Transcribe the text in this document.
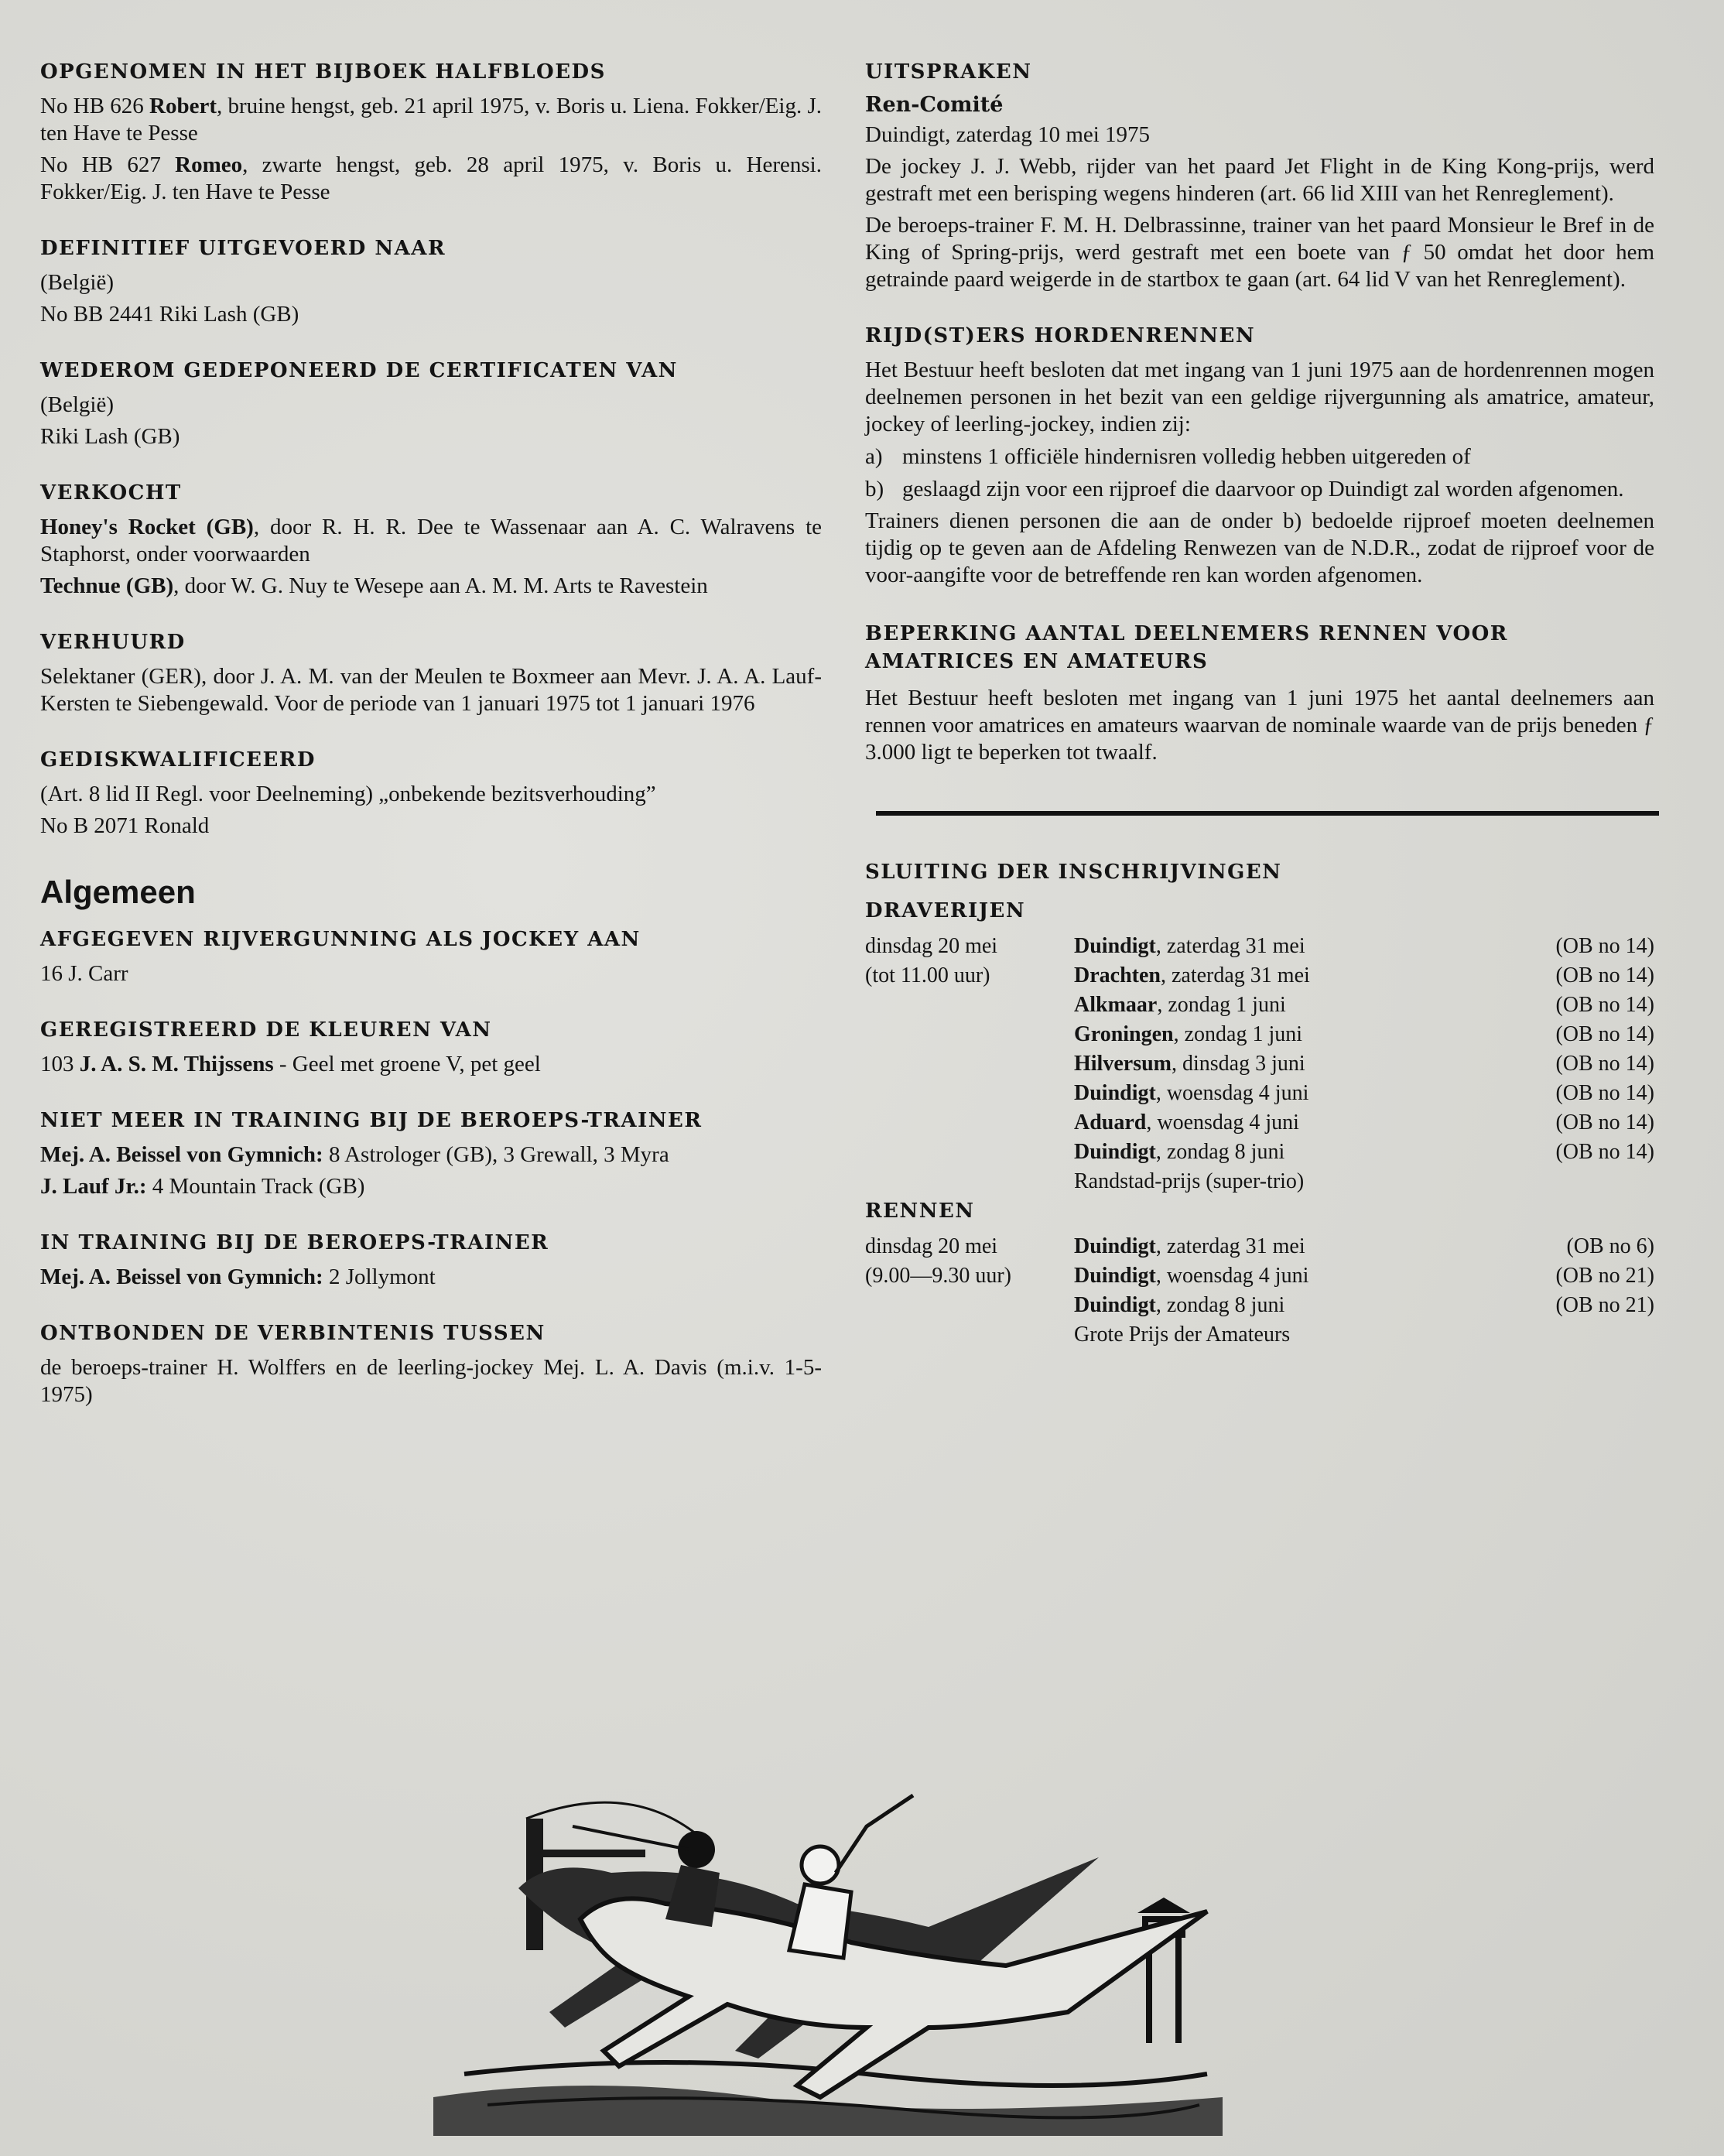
OPGENOMEN IN HET BIJBOEK HALFBLOEDS
No HB 626 Robert, bruine hengst, geb. 21 april 1975, v. Boris u. Liena. Fokker/Eig. J. ten Have te Pesse
No HB 627 Romeo, zwarte hengst, geb. 28 april 1975, v. Boris u. Herensi. Fokker/Eig. J. ten Have te Pesse
DEFINITIEF UITGEVOERD NAAR
(België)
No BB 2441 Riki Lash (GB)
WEDEROM GEDEPONEERD DE CERTIFICATEN VAN
(België)
Riki Lash (GB)
VERKOCHT
Honey's Rocket (GB), door R. H. R. Dee te Wassenaar aan A. C. Walravens te Staphorst, onder voorwaarden
Technue (GB), door W. G. Nuy te Wesepe aan A. M. M. Arts te Ravestein
VERHUURD
Selektaner (GER), door J. A. M. van der Meulen te Boxmeer aan Mevr. J. A. A. Lauf-Kersten te Siebengewald. Voor de periode van 1 januari 1975 tot 1 januari 1976
GEDISKWALIFICEERD
(Art. 8 lid II Regl. voor Deelneming) „onbekende bezitsverhouding”
No B 2071 Ronald
Algemeen
AFGEGEVEN RIJVERGUNNING ALS JOCKEY AAN
16 J. Carr
GEREGISTREERD DE KLEUREN VAN
103 J. A. S. M. Thijssens - Geel met groene V, pet geel
NIET MEER IN TRAINING BIJ DE BEROEPS-TRAINER
Mej. A. Beissel von Gymnich: 8 Astrologer (GB), 3 Grewall, 3 Myra
J. Lauf Jr.: 4 Mountain Track (GB)
IN TRAINING BIJ DE BEROEPS-TRAINER
Mej. A. Beissel von Gymnich: 2 Jollymont
ONTBONDEN DE VERBINTENIS TUSSEN
de beroeps-trainer H. Wolffers en de leerling-jockey Mej. L. A. Davis (m.i.v. 1-5-1975)
UITSPRAKEN
Ren-Comité
Duindigt, zaterdag 10 mei 1975
De jockey J. J. Webb, rijder van het paard Jet Flight in de King Kong-prijs, werd gestraft met een berisping wegens hinderen (art. 66 lid XIII van het Renreglement).
De beroeps-trainer F. M. H. Delbrassinne, trainer van het paard Monsieur le Bref in de King of Spring-prijs, werd gestraft met een boete van ƒ 50 omdat het door hem getrainde paard weigerde in de startbox te gaan (art. 64 lid V van het Renreglement).
RIJD(ST)ERS HORDENRENNEN
Het Bestuur heeft besloten dat met ingang van 1 juni 1975 aan de hordenrennen mogen deelnemen personen in het bezit van een geldige rijvergunning als amatrice, amateur, jockey of leerling-jockey, indien zij:
a) minstens 1 officiële hindernisren volledig hebben uitgereden of
b) geslaagd zijn voor een rijproef die daarvoor op Duindigt zal worden afgenomen.
Trainers dienen personen die aan de onder b) bedoelde rijproef moeten deelnemen tijdig op te geven aan de Afdeling Renwezen van de N.D.R., zodat de rijproef voor de voor-aangifte voor de betreffende ren kan worden afgenomen.
BEPERKING AANTAL DEELNEMERS RENNEN VOOR AMATRICES EN AMATEURS
Het Bestuur heeft besloten met ingang van 1 juni 1975 het aantal deelnemers aan rennen voor amatrices en amateurs waarvan de nominale waarde van de prijs beneden ƒ 3.000 ligt te beperken tot twaalf.
SLUITING DER INSCHRIJVINGEN
DRAVERIJEN
dinsdag 20 mei	Duindigt, zaterdag 31 mei	(OB no 14)
(tot 11.00 uur)	Drachten, zaterdag 31 mei	(OB no 14)
	Alkmaar, zondag 1 juni	(OB no 14)
	Groningen, zondag 1 juni	(OB no 14)
	Hilversum, dinsdag 3 juni	(OB no 14)
	Duindigt, woensdag 4 juni	(OB no 14)
	Aduard, woensdag 4 juni	(OB no 14)
	Duindigt, zondag 8 juni	(OB no 14)
	Randstad-prijs (super-trio)	
RENNEN
dinsdag 20 mei	Duindigt, zaterdag 31 mei	(OB no 6)
(9.00—9.30 uur)	Duindigt, woensdag 4 juni	(OB no 21)
	Duindigt, zondag 8 juni	(OB no 21)
	Grote Prijs der Amateurs	
